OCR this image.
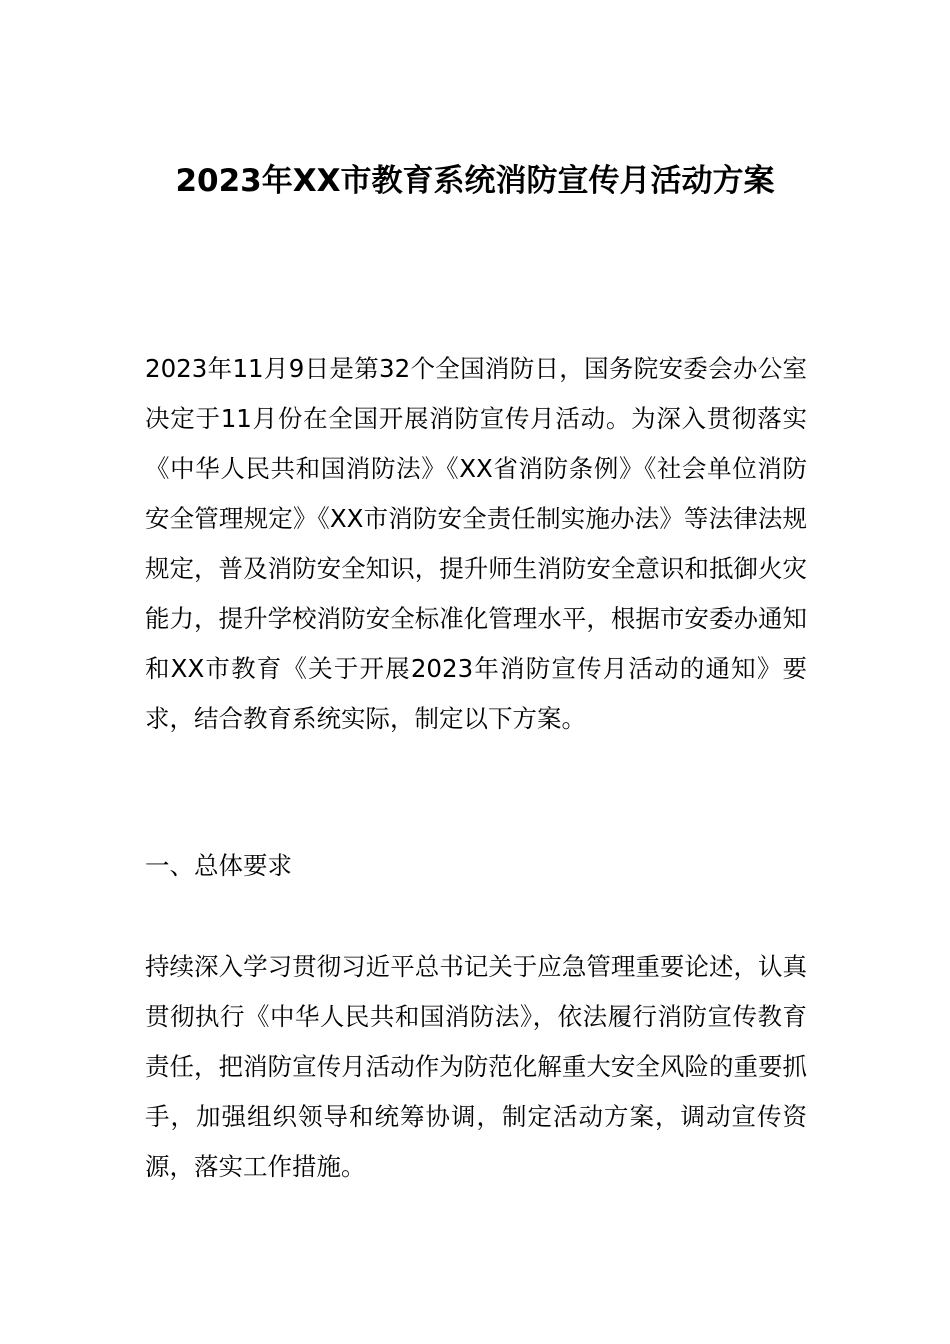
2023年XX市教育系统消防宣传月活动方案

2023年11月9日是第32个全国消防日，国务院安委会办公室决定于11月份在全国开展消防宣传月活动。为深入贯彻落实《中华人民共和国消防法》《XX省消防条例》《社会单位消防安全管理规定》《XX市消防安全责任制实施办法》等法律法规规定，普及消防安全知识，提升师生消防安全意识和抵御火灾能力，提升学校消防安全标准化管理水平，根据市安委办通知和XX市教育《关于开展2023年消防宣传月活动的通知》要求，结合教育系统实际，制定以下方案。

一、总体要求

持续深入学习贯彻习近平总书记关于应急管理重要论述，认真贯彻执行《中华人民共和国消防法》，依法履行消防宣传教育责任，把消防宣传月活动作为防范化解重大安全风险的重要抓手，加强组织领导和统筹协调，制定活动方案，调动宣传资源，落实工作措施。
